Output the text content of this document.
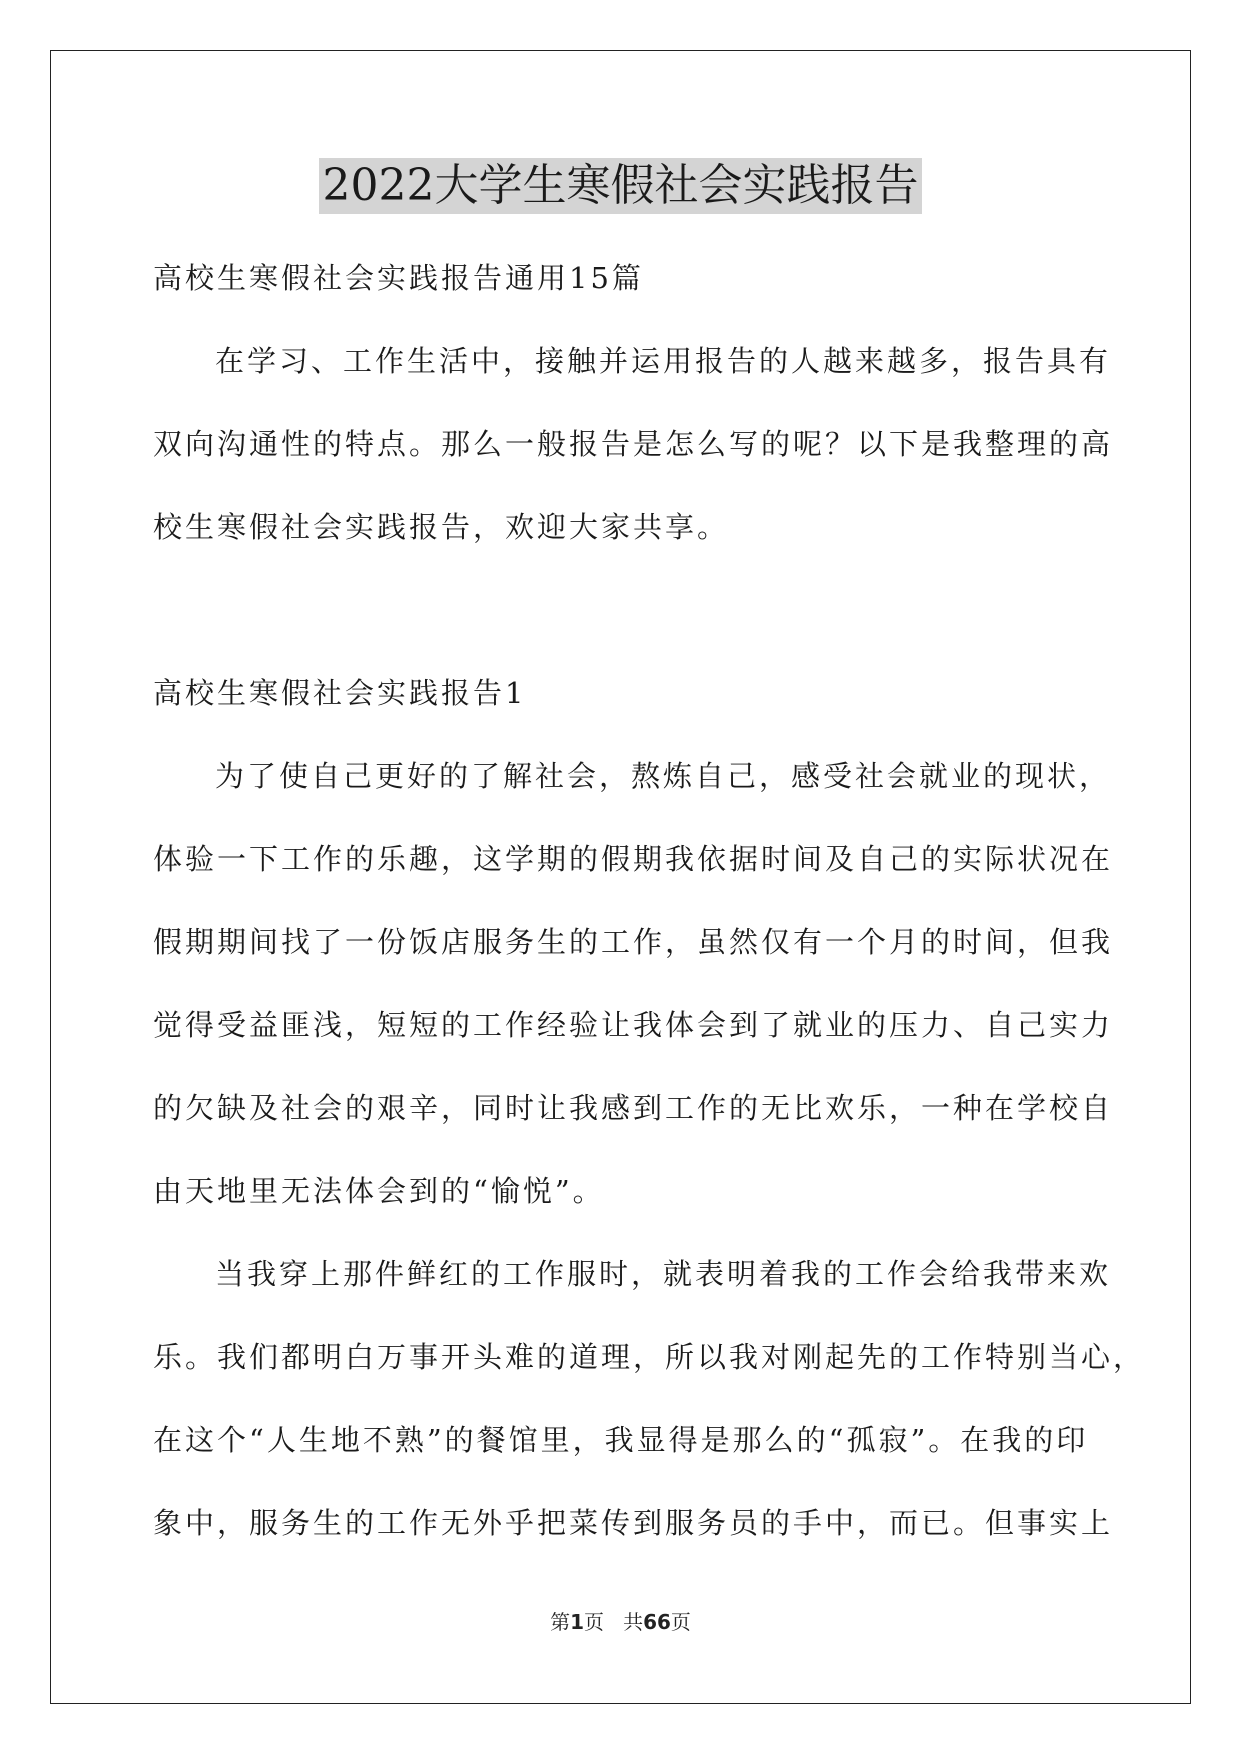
2022大学生寒假社会实践报告

高校生寒假社会实践报告通用15篇

在学习、工作生活中，接触并运用报告的人越来越多，报告具有

双向沟通性的特点。那么一般报告是怎么写的呢？以下是我整理的高

校生寒假社会实践报告，欢迎大家共享。

高校生寒假社会实践报告1

为了使自己更好的了解社会，熬炼自己，感受社会就业的现状，

体验一下工作的乐趣，这学期的假期我依据时间及自己的实际状况在

假期期间找了一份饭店服务生的工作，虽然仅有一个月的时间，但我

觉得受益匪浅，短短的工作经验让我体会到了就业的压力、自己实力

的欠缺及社会的艰辛，同时让我感到工作的无比欢乐，一种在学校自

由天地里无法体会到的“愉悦”。

当我穿上那件鲜红的工作服时，就表明着我的工作会给我带来欢

乐。我们都明白万事开头难的道理，所以我对刚起先的工作特别当心，

在这个“人生地不熟”的餐馆里，我显得是那么的“孤寂”。在我的印

象中，服务生的工作无外乎把菜传到服务员的手中，而已。但事实上

第1页 共66页
